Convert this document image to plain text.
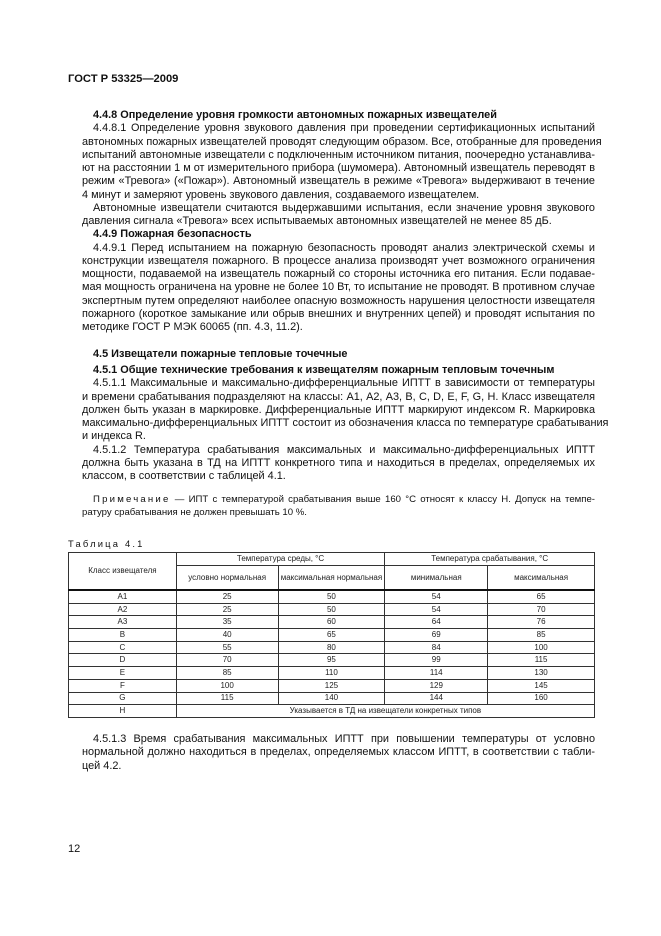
ГОСТ Р 53325—2009
4.4.8 Определение уровня громкости автономных пожарных извещателей
4.4.8.1 Определение уровня звукового давления при проведении сертификационных испытаний
автономных пожарных извещателей проводят следующим образом. Все, отобранные для проведения
испытаний автономные извещатели с подключенным источником питания, поочередно устанавлива-
ют на расстоянии 1 м от измерительного прибора (шумомера). Автономный извещатель переводят в
режим «Тревога» («Пожар»). Автономный извещатель в режиме «Тревога» выдерживают в течение
4 минут и замеряют уровень звукового давления, создаваемого извещателем.
Автономные извещатели считаются выдержавшими испытания, если значение уровня звукового
давления сигнала «Тревога» всех испытываемых автономных извещателей не менее 85 дБ.
4.4.9 Пожарная безопасность
4.4.9.1 Перед испытанием на пожарную безопасность проводят анализ электрической схемы и
конструкции извещателя пожарного. В процессе анализа производят учет возможного ограничения
мощности, подаваемой на извещатель пожарный со стороны источника его питания. Если подавае-
мая мощность ограничена на уровне не более 10 Вт, то испытание не проводят. В противном случае
экспертным путем определяют наиболее опасную возможность нарушения целостности извещателя
пожарного (короткое замыкание или обрыв внешних и внутренних цепей) и проводят испытания по
методике ГОСТ Р МЭК 60065 (пп. 4.3, 11.2).
4.5 Извещатели пожарные тепловые точечные
4.5.1 Общие технические требования к извещателям пожарным тепловым точечным
4.5.1.1 Максимальные и максимально-дифференциальные ИПТТ в зависимости от температуры
и времени срабатывания подразделяют на классы: А1, А2, А3, B, C, D, E, F, G, H. Класс извещателя
должен быть указан в маркировке. Дифференциальные ИПТТ маркируют индексом R. Маркировка
максимально-дифференциальных ИПТТ состоит из обозначения класса по температуре срабатывания
и индекса R.
4.5.1.2 Температура срабатывания максимальных и максимально-дифференциальных ИПТТ
должна быть указана в ТД на ИПТТ конкретного типа и находиться в пределах, определяемых их
классом, в соответствии с таблицей 4.1.
Примечание — ИПТ с температурой срабатывания выше 160 °С относят к классу Н. Допуск на темпе-
ратуру срабатывания не должен превышать 10 %.
Таблица 4.1
Класс извещателя	Температура среды, °С		Температура срабатывания, °С	
	условно нормальная	максимальная нормальная	минимальная	максимальная
А1	25	50	54	65
А2	25	50	54	70
А3	35	60	64	76
B	40	65	69	85
C	55	80	84	100
D	70	95	99	115
E	85	110	114	130
F	100	125	129	145
G	115	140	144	160
H	Указывается в ТД на извещатели конкретных типов			
4.5.1.3 Время срабатывания максимальных ИПТТ при повышении температуры от условно
нормальной должно находиться в пределах, определяемых классом ИПТТ, в соответствии с табли-
цей 4.2.
12
